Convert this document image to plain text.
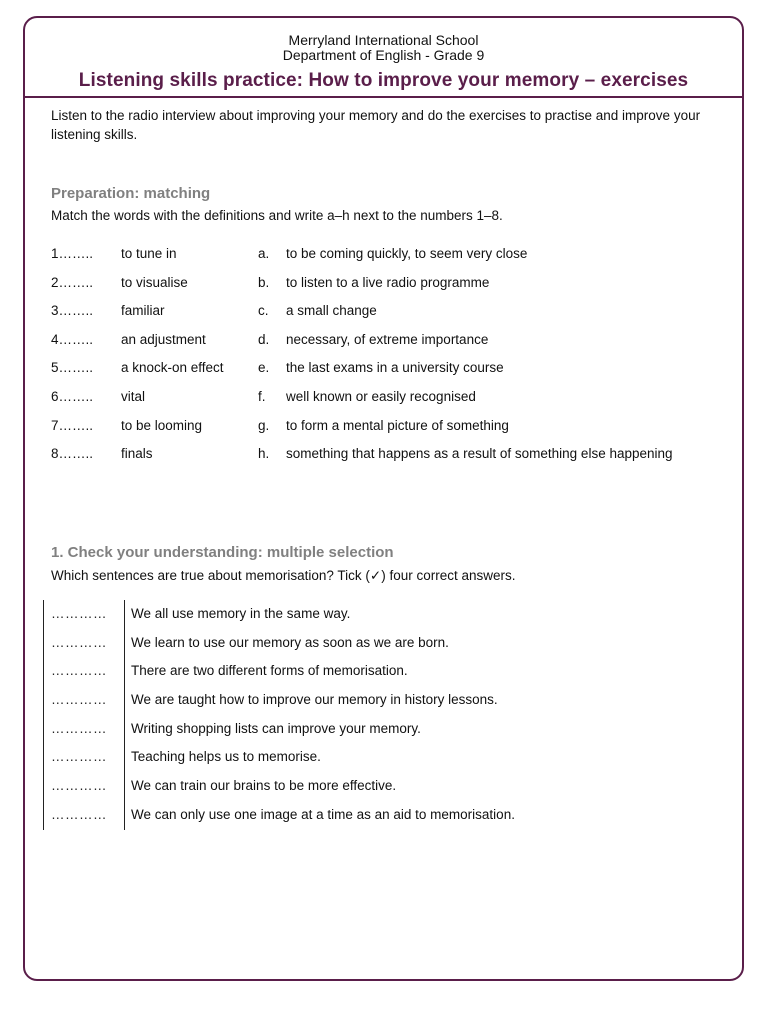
Merryland International School
Department of English - Grade 9
Listening skills practice: How to improve your memory – exercises
Listen to the radio interview about improving your memory and do the exercises to practise and improve your listening skills.
Preparation: matching
Match the words with the definitions and write a–h next to the numbers 1–8.
1…….. to tune in	a. to be coming quickly, to seem very close
2…….. to visualise	b. to listen to a live radio programme
3…….. familiar	c. a small change
4…….. an adjustment	d. necessary, of extreme importance
5…….. a knock-on effect	e. the last exams in a university course
6…….. vital	f. well known or easily recognised
7…….. to be looming	g. to form a mental picture of something
8…….. finals	h. something that happens as a result of something else happening
1. Check your understanding: multiple selection
Which sentences are true about memorisation? Tick (✓) four correct answers.
………… We all use memory in the same way.
………… We learn to use our memory as soon as we are born.
………… There are two different forms of memorisation.
………… We are taught how to improve our memory in history lessons.
………… Writing shopping lists can improve your memory.
………… Teaching helps us to memorise.
………… We can train our brains to be more effective.
………… We can only use one image at a time as an aid to memorisation.
